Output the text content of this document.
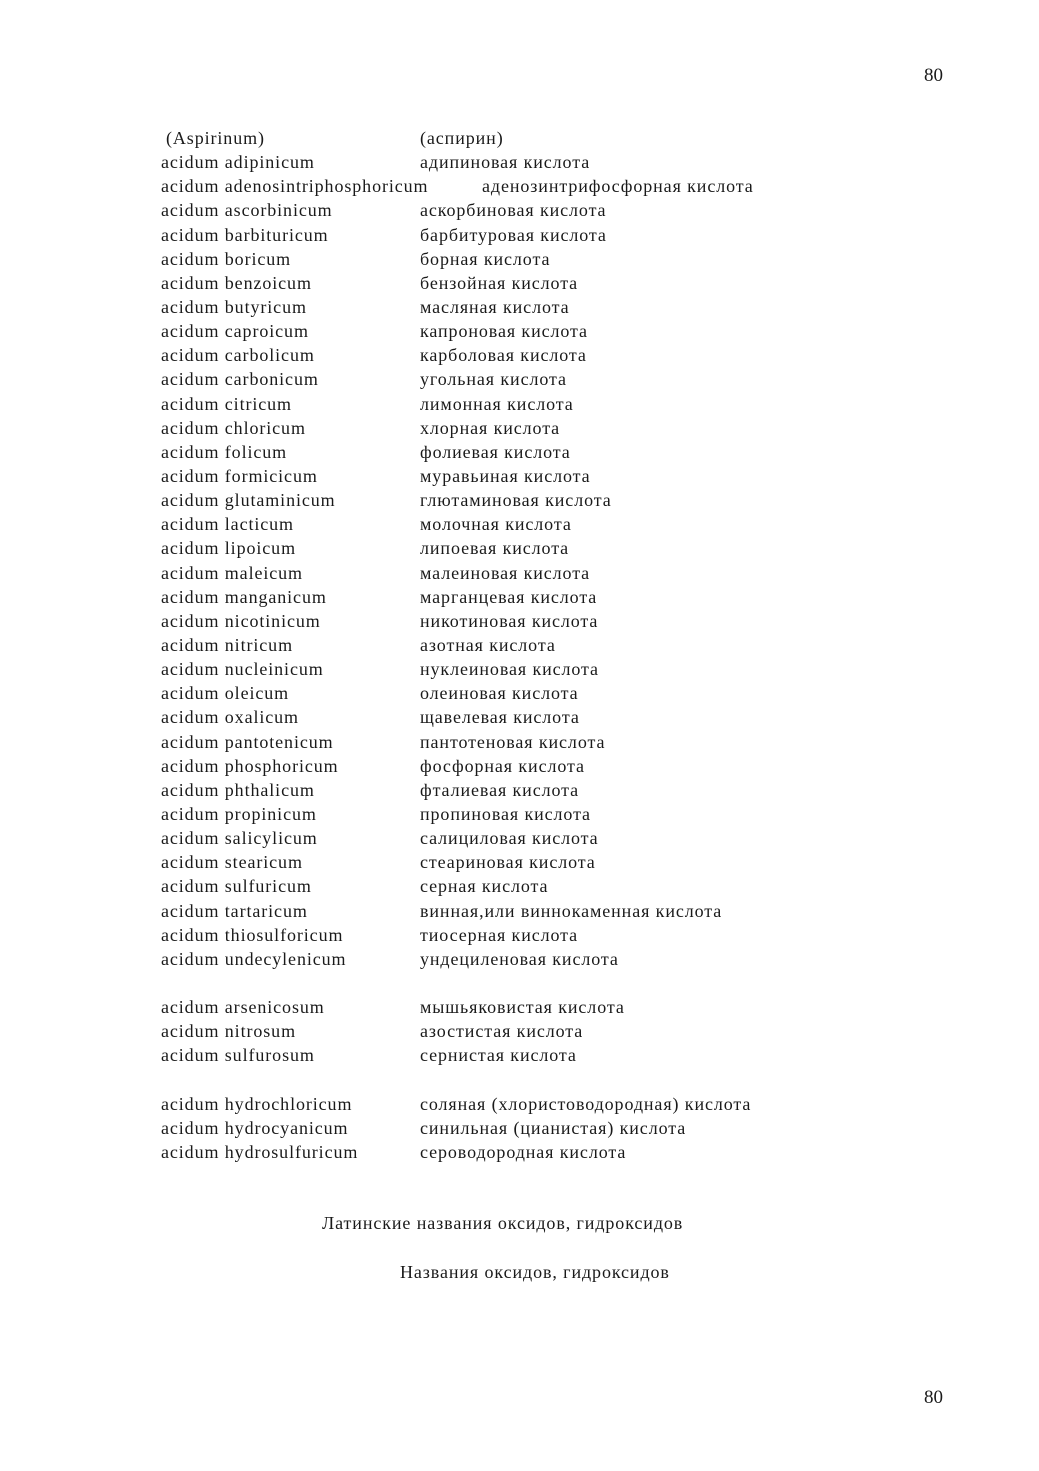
80
(Aspirinum)	(аспирин)
acidum adipinicum	адипиновая кислота
acidum adenosintriphosphoricum	аденозинтрифосфорная кислота
acidum ascorbinicum	аскорбиновая кислота
acidum barbituricum	барбитуровая кислота
acidum boricum	борная кислота
acidum benzoicum	бензойная кислота
acidum butyricum	масляная кислота
acidum caproicum	капроновая кислота
acidum carbolicum	карболовая кислота
acidum carbonicum	угольная кислота
acidum citricum	лимонная кислота
acidum chloricum	хлорная кислота
acidum folicum	фолиевая кислота
acidum formicicum	муравьиная кислота
acidum glutaminicum	глютаминовая кислота
acidum lacticum	молочная кислота
acidum lipoicum	липоевая кислота
acidum maleicum	малеиновая кислота
acidum manganicum	марганцевая кислота
acidum nicotinicum	никотиновая кислота
acidum nitricum	азотная кислота
acidum nucleinicum	нуклеиновая кислота
acidum oleicum	олеиновая кислота
acidum oxalicum	щавелевая кислота
acidum pantotenicum	пантотеновая кислота
acidum phosphoricum	фосфорная кислота
acidum phthalicum	фталиевая кислота
acidum propinicum	пропиновая кислота
acidum salicylicum	салициловая кислота
acidum stearicum	стеариновая кислота
acidum sulfuricum	серная кислота
acidum tartaricum	винная,или виннокаменная кислота
acidum thiosulforicum	тиосерная кислота
acidum undecylenicum	ундециленовая кислота
acidum arsenicosum	мышьяковистая кислота
acidum nitrosum	азостистая кислота
acidum sulfurosum	сернистая кислота
acidum hydrochloricum	соляная (хлористоводородная) кислота
acidum hydrocyanicum	синильная (цианистая) кислота
acidum hydrosulfuricum	сероводородная кислота
Латинские названия оксидов, гидроксидов
Названия оксидов, гидроксидов
80
